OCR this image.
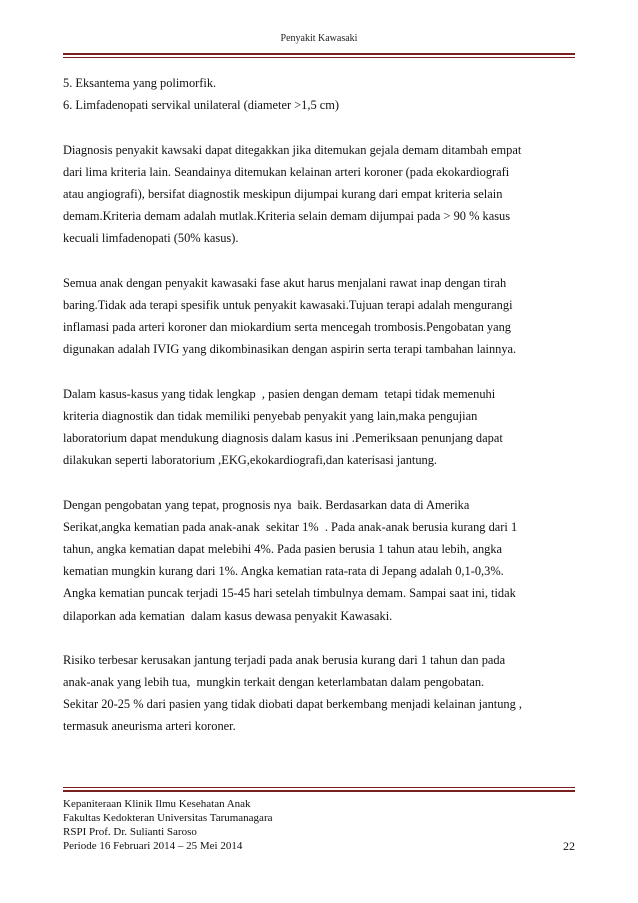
Penyakit Kawasaki
5. Eksantema yang polimorfik.
6. Limfadenopati servikal unilateral (diameter >1,5 cm)
Diagnosis penyakit kawsaki dapat ditegakkan jika ditemukan gejala demam ditambah empat
dari lima kriteria lain. Seandainya ditemukan kelainan arteri koroner (pada ekokardiografi
atau angiografi), bersifat diagnostik meskipun dijumpai kurang dari empat kriteria selain
demam.Kriteria demam adalah mutlak.Kriteria selain demam dijumpai pada > 90 % kasus
kecuali limfadenopati (50% kasus).
Semua anak dengan penyakit kawasaki fase akut harus menjalani rawat inap dengan tirah
baring.Tidak ada terapi spesifik untuk penyakit kawasaki.Tujuan terapi adalah mengurangi
inflamasi pada arteri koroner dan miokardium serta mencegah trombosis.Pengobatan yang
digunakan adalah IVIG yang dikombinasikan dengan aspirin serta terapi tambahan lainnya.
Dalam kasus-kasus yang tidak lengkap  , pasien dengan demam  tetapi tidak memenuhi
kriteria diagnostik dan tidak memiliki penyebab penyakit yang lain,maka pengujian
laboratorium dapat mendukung diagnosis dalam kasus ini .Pemeriksaan penunjang dapat
dilakukan seperti laboratorium ,EKG,ekokardiografi,dan katerisasi jantung.
Dengan pengobatan yang tepat, prognosis nya  baik. Berdasarkan data di Amerika
Serikat,angka kematian pada anak-anak  sekitar 1%  . Pada anak-anak berusia kurang dari 1
tahun, angka kematian dapat melebihi 4%. Pada pasien berusia 1 tahun atau lebih, angka
kematian mungkin kurang dari 1%. Angka kematian rata-rata di Jepang adalah 0,1-0,3%.
Angka kematian puncak terjadi 15-45 hari setelah timbulnya demam. Sampai saat ini, tidak
dilaporkan ada kematian  dalam kasus dewasa penyakit Kawasaki.
Risiko terbesar kerusakan jantung terjadi pada anak berusia kurang dari 1 tahun dan pada
anak-anak yang lebih tua,  mungkin terkait dengan keterlambatan dalam pengobatan.
Sekitar 20-25 % dari pasien yang tidak diobati dapat berkembang menjadi kelainan jantung ,
termasuk aneurisma arteri koroner.
Kepaniteraan Klinik Ilmu Kesehatan Anak
Fakultas Kedokteran Universitas Tarumanagara
RSPI Prof. Dr. Sulianti Saroso
Periode 16 Februari 2014 – 25 Mei 2014	22
